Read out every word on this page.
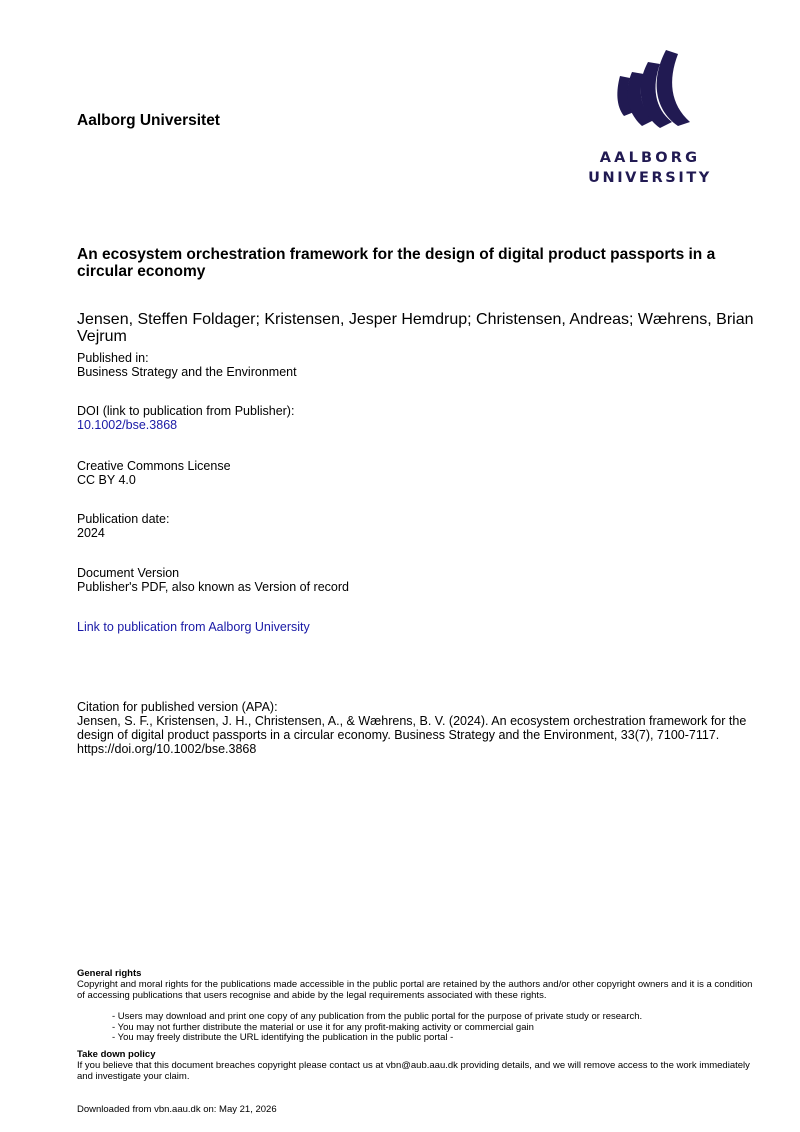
Aalborg Universitet
AALBORG
UNIVERSITY
An ecosystem orchestration framework for the design of digital product passports in a circular economy
Jensen, Steffen Foldager; Kristensen, Jesper Hemdrup; Christensen, Andreas; Wæhrens, Brian Vejrum
Published in:
Business Strategy and the Environment
DOI (link to publication from Publisher):
10.1002/bse.3868
Creative Commons License
CC BY 4.0
Publication date:
2024
Document Version
Publisher's PDF, also known as Version of record
Link to publication from Aalborg University
Citation for published version (APA):
Jensen, S. F., Kristensen, J. H., Christensen, A., & Wæhrens, B. V. (2024). An ecosystem orchestration framework for the design of digital product passports in a circular economy. Business Strategy and the Environment, 33(7), 7100-7117. https://doi.org/10.1002/bse.3868
General rights
Copyright and moral rights for the publications made accessible in the public portal are retained by the authors and/or other copyright owners and it is a condition of accessing publications that users recognise and abide by the legal requirements associated with these rights.
- Users may download and print one copy of any publication from the public portal for the purpose of private study or research.
- You may not further distribute the material or use it for any profit-making activity or commercial gain
- You may freely distribute the URL identifying the publication in the public portal -
Take down policy
If you believe that this document breaches copyright please contact us at vbn@aub.aau.dk providing details, and we will remove access to the work immediately and investigate your claim.
Downloaded from vbn.aau.dk on: May 21, 2026
